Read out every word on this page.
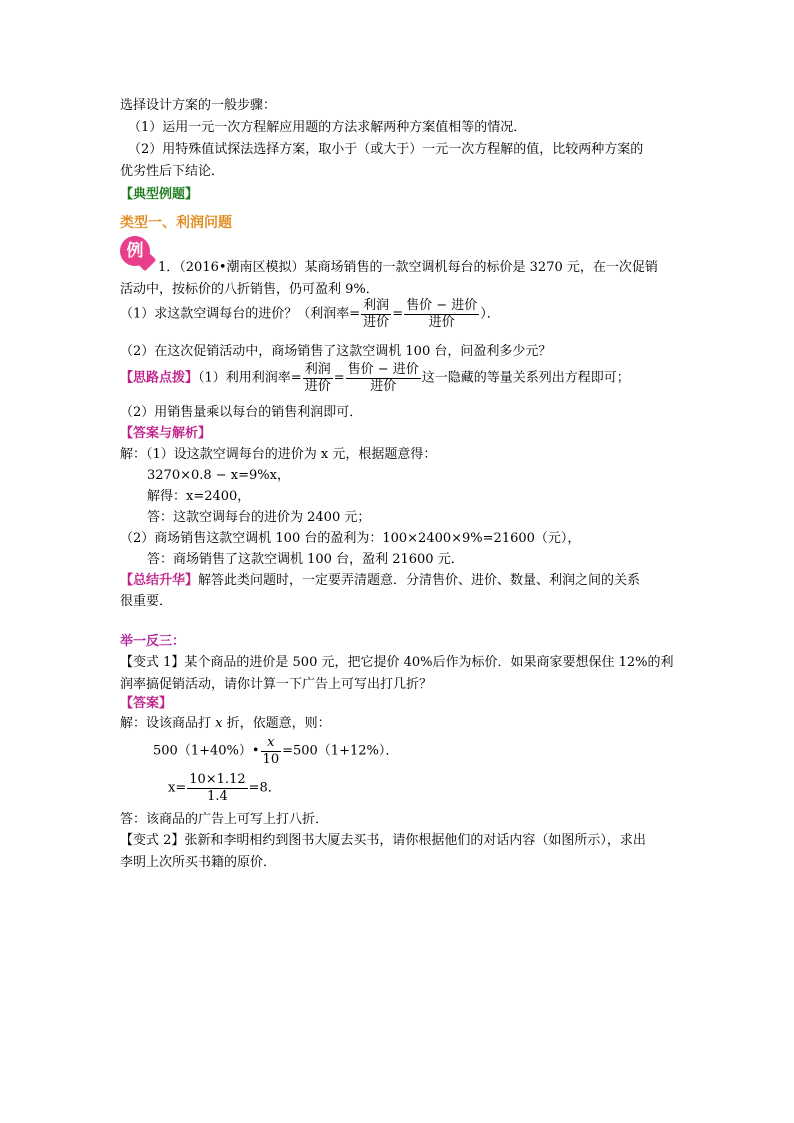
选择设计方案的一般步骤：
（1）运用一元一次方程解应用题的方法求解两种方案值相等的情况．
（2）用特殊值试探法选择方案，取小于（或大于）一元一次方程解的值，比较两种方案的
优劣性后下结论．
【典型例题】
类型一、利润问题
例
1．（2016•潮南区模拟）某商场销售的一款空调机每台的标价是 3270 元，在一次促销
活动中，按标价的八折销售，仍可盈利 9%．
（1）求这款空调每台的进价？（利润率= $\frac{\text{利润}}{\text{进价}} = \frac{\text{售价 − 进价}}{\text{进价}}$ ）．
（2）在这次促销活动中，商场销售了这款空调机 100 台，问盈利多少元？
【思路点拨】（1）利用利润率= $\frac{\text{利润}}{\text{进价}} = \frac{\text{售价 − 进价}}{\text{进价}}$ 这一隐藏的等量关系列出方程即可；
（2）用销售量乘以每台的销售利润即可．
【答案与解析】
解：（1）设这款空调每台的进价为 x 元，根据题意得：
3270×0.8 − x=9%x，
解得：x=2400，
答：这款空调每台的进价为 2400 元；
（2）商场销售这款空调机 100 台的盈利为：100×2400×9%=21600（元），
答：商场销售了这款空调机 100 台，盈利 21600 元．
【总结升华】解答此类问题时，一定要弄清题意．分清售价、进价、数量、利润之间的关系
很重要．
举一反三：
【变式 1】某个商品的进价是 500 元，把它提价 40%后作为标价．如果商家要想保住 12%的利
润率搞促销活动，请你计算一下广告上可写出打几折？
【答案】
解：设该商品打 x 折，依题意，则：
500（1+40%）• $\frac{x}{10} =500(1+12\%)$．
$x= \frac{10\times 1.12}{1.4} =8$．
答：该商品的广告上可写上打八折．
【变式 2】张新和李明相约到图书大厦去买书，请你根据他们的对话内容（如图所示），求出
李明上次所买书籍的原价．
